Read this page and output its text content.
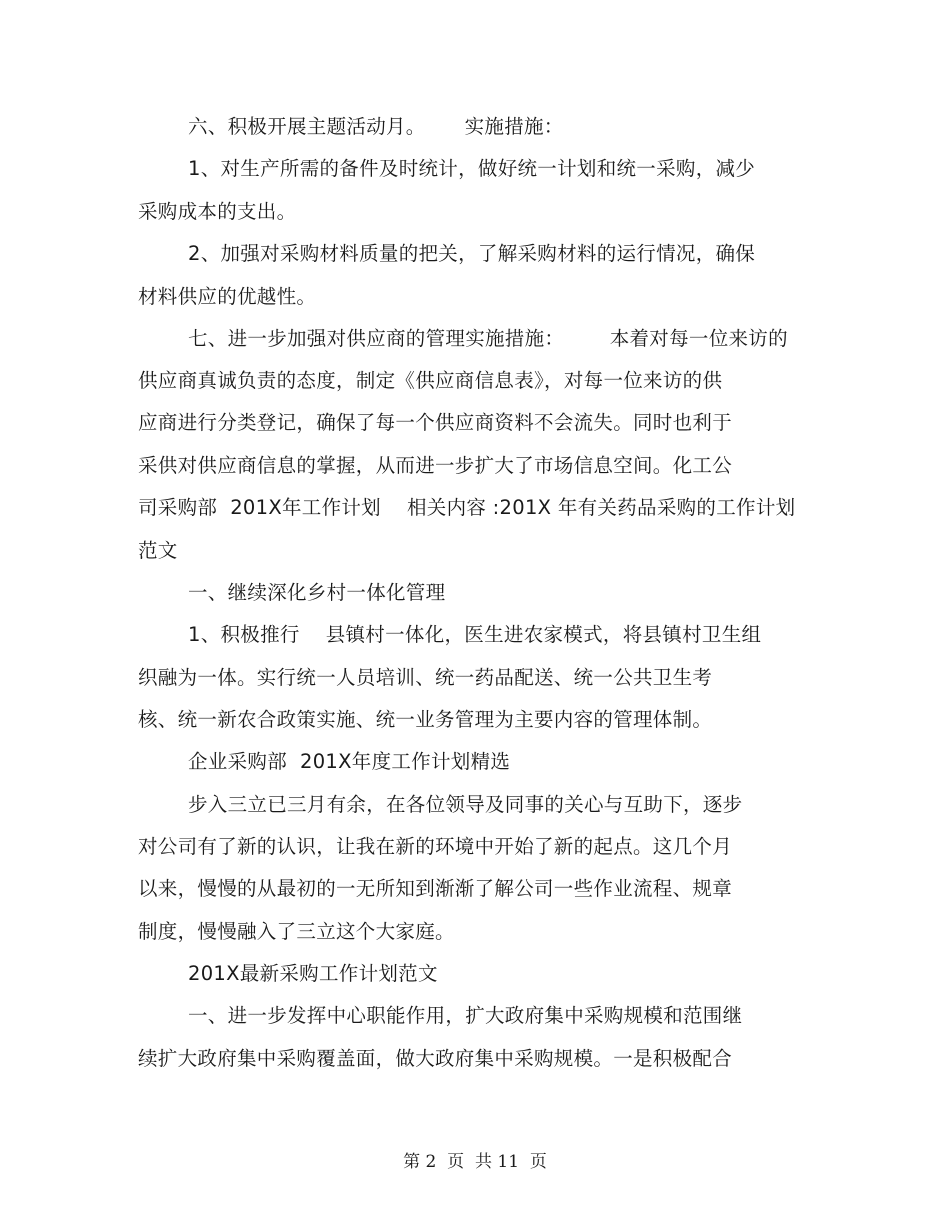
六、积极开展主题活动月。      实施措施：
1、对生产所需的备件及时统计，做好统一计划和统一采购，减少
采购成本的支出。
2、加强对采购材料质量的把关，了解采购材料的运行情况，确保
材料供应的优越性。
七、进一步加强对供应商的管理实施措施：       本着对每一位来访的
供应商真诚负责的态度，制定《供应商信息表》，对每一位来访的供
应商进行分类登记，确保了每一个供应商资料不会流失。同时也利于
采供对供应商信息的掌握，从而进一步扩大了市场信息空间。化工公
司采购部  201X年工作计划    相关内容 :201X 年有关药品采购的工作计划
范文
一、继续深化乡村一体化管理
1、积极推行    县镇村一体化，医生进农家模式，将县镇村卫生组
织融为一体。实行统一人员培训、统一药品配送、统一公共卫生考
核、统一新农合政策实施、统一业务管理为主要内容的管理体制。
企业采购部  201X年度工作计划精选
步入三立已三月有余，在各位领导及同事的关心与互助下，逐步
对公司有了新的认识，让我在新的环境中开始了新的起点。这几个月
以来，慢慢的从最初的一无所知到渐渐了解公司一些作业流程、规章
制度，慢慢融入了三立这个大家庭。
201X最新采购工作计划范文
一、进一步发挥中心职能作用，扩大政府集中采购规模和范围继
续扩大政府集中采购覆盖面，做大政府集中采购规模。一是积极配合
第 2  页  共 11  页
